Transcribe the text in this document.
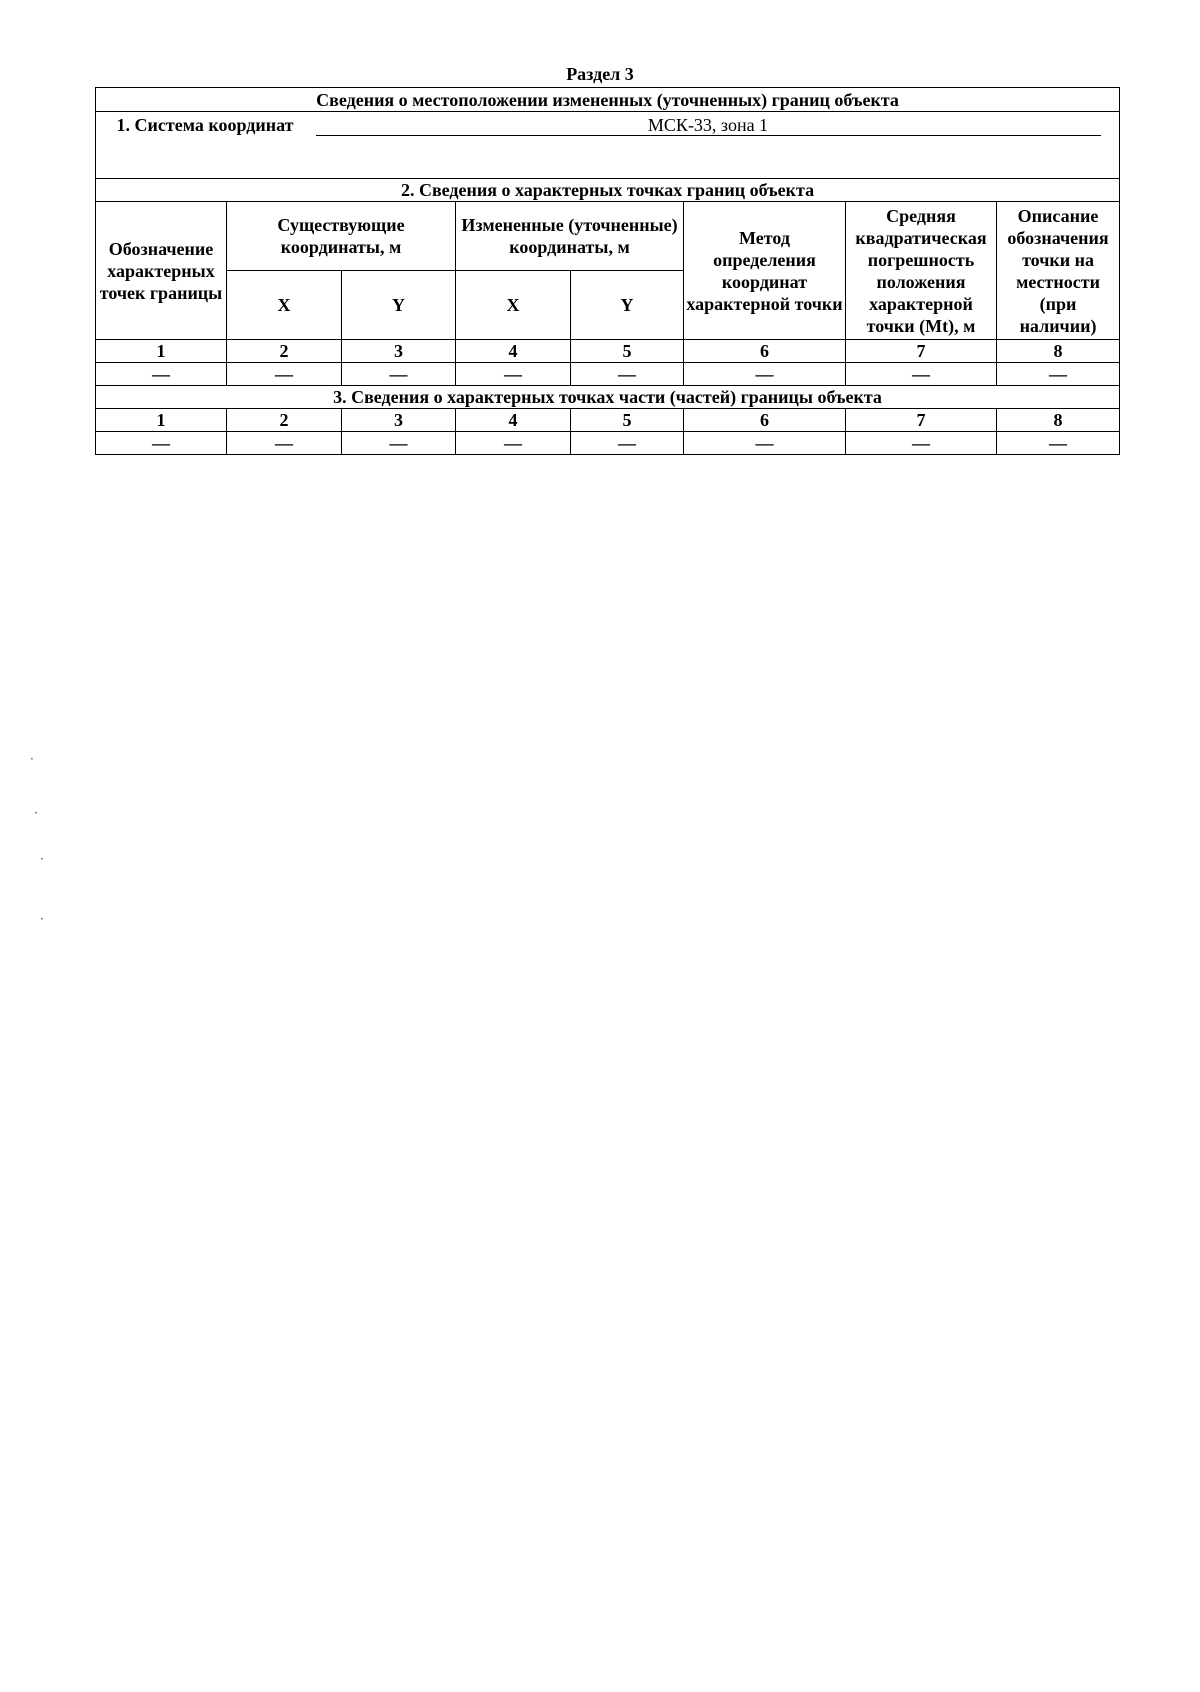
Раздел 3
Сведения о местоположении измененных (уточненных) границ объекта							
1. Система координат МСК-33, зона 1							
2. Сведения о характерных точках границ объекта							
Обозначение характерных точек границы	Существующие координаты, м		Измененные (уточненные) координаты, м		Метод определения координат характерной точки	Средняя квадратическая погрешность положения характерной точки (Mt), м	Описание обозначения точки на местности (при наличии)
	X	Y	X	Y			
1	2	3	4	5	6	7	8
—	—	—	—	—	—	—	—
3. Сведения о характерных точках части (частей) границы объекта							
1	2	3	4	5	6	7	8
—	—	—	—	—	—	—	—
·
·
·
·
